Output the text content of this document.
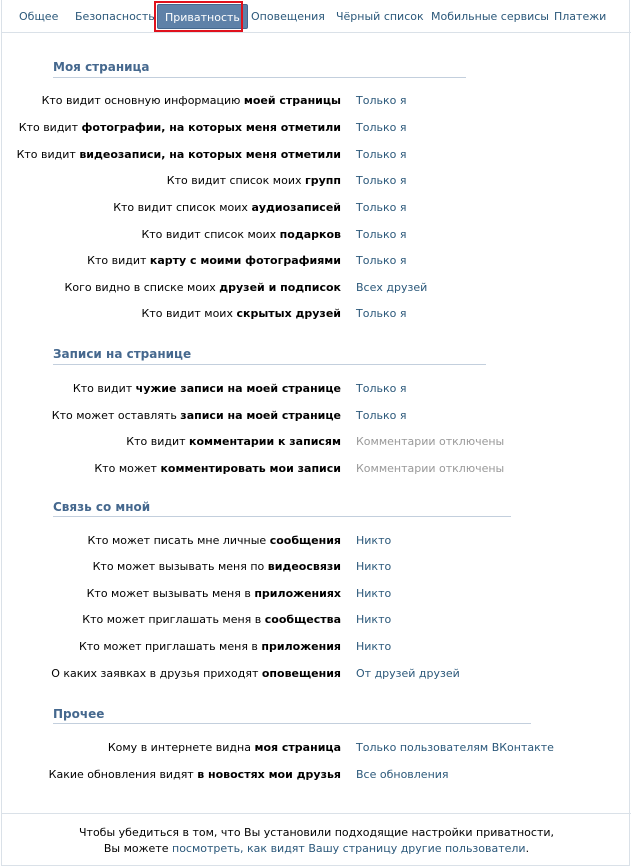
Общее Безопасность Приватность	Оповещения Чёрный список Мобильные сервисы Платежи
Моя страница
Кто видит основную информацию моей страницы Только я
Кто видит фотографии, на которых меня отметили Только я
Кто видит видеозаписи, на которых меня отметили Только я
Кто видит список моих групп Только я
Кто видит список моих аудиозаписей Только я
Кто видит список моих подарков Только я
Кто видит карту с моими фотографиями Только я
Кого видно в списке моих друзей и подписок Всех друзей
Кто видит моих скрытых друзей Только я
Записи на странице
Кто видит чужие записи на моей странице Только я
Кто может оставлять записи на моей странице Только я
Кто видит комментарии к записям Комментарии отключены
Кто может комментировать мои записи Комментарии отключены
Связь со мной
Кто может писать мне личные сообщения Никто
Кто может вызывать меня по видеосвязи Никто
Кто может вызывать меня в приложениях Никто
Кто может приглашать меня в сообщества Никто
Кто может приглашать меня в приложения Никто
О каких заявках в друзья приходят оповещения От друзей друзей
Прочее
Кому в интернете видна моя страница Только пользователям ВКонтакте
Какие обновления видят в новостях мои друзья Все обновления
Чтобы убедиться в том, что Вы установили подходящие настройки приватности,
Вы можете посмотреть, как видят Вашу страницу другие пользователи.
